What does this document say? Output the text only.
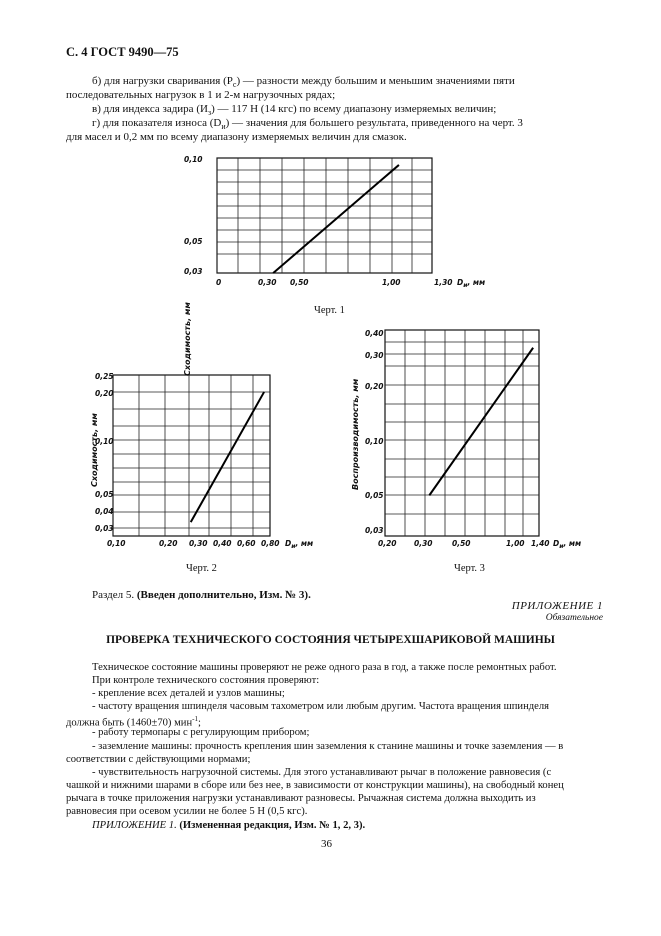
С. 4 ГОСТ 9490—75
б) для нагрузки сваривания $(P_с)$ — разности между большим и меньшим значениями пяти
последовательных нагрузок в 1 и 2-м нагрузочных рядах;
в) для индекса задира $(И_з)$ — 117 Н (14 кгс) по всему диапазону измеряемых величин;
г) для показателя износа $(D_и)$ — значения для большего результата, приведенного на черт. 3
для масел и 0,2 мм по всему диапазону измеряемых величин для смазок.
Сходимость, мм
0,10
0,05
0,03
0	0,30 0,50	1,00	1,30 $D_и$, мм
Черт. 1
Сходимость, мм
0,25
0,20
0,10
0,05
0,04
0,03
0,10	0,20 0,30 0,40 0,60 0,80 $D_и$, мм
Черт. 2
Воспроизводимость, мм
0,40
0,30
0,20
0,10
0,05
0,03
0,20 0,30	0,50	1,00 1,40 $D_и$, мм
Черт. 3
Раздел 5. (Введен дополнительно, Изм. № 3).
ПРИЛОЖЕНИЕ 1
Обязательное
ПРОВЕРКА ТЕХНИЧЕСКОГО СОСТОЯНИЯ ЧЕТЫРЕХШАРИКОВОЙ МАШИНЫ
Техническое состояние машины проверяют не реже одного раза в год, а также после ремонтных работ.
При контроле технического состояния проверяют:
- крепление всех деталей и узлов машины;
- частоту вращения шпинделя часовым тахометром или любым другим. Частота вращения шпинделя
должна быть (1460±70) мин$^{-1}$;
- работу термопары с регулирующим прибором;
- заземление машины: прочность крепления шин заземления к станине машины и точке заземления — в
соответствии с действующими нормами;
- чувствительность нагрузочной системы. Для этого устанавливают рычаг в положение равновесия (с
чашкой и нижними шарами в сборе или без нее, в зависимости от конструкции машины), на свободный конец
рычага в точке приложения нагрузки устанавливают разновесы. Рычажная система должна выходить из
равновесия при осевом усилии не более 5 Н (0,5 кгс).
ПРИЛОЖЕНИЕ 1. (Измененная редакция, Изм. № 1, 2, 3).
36
